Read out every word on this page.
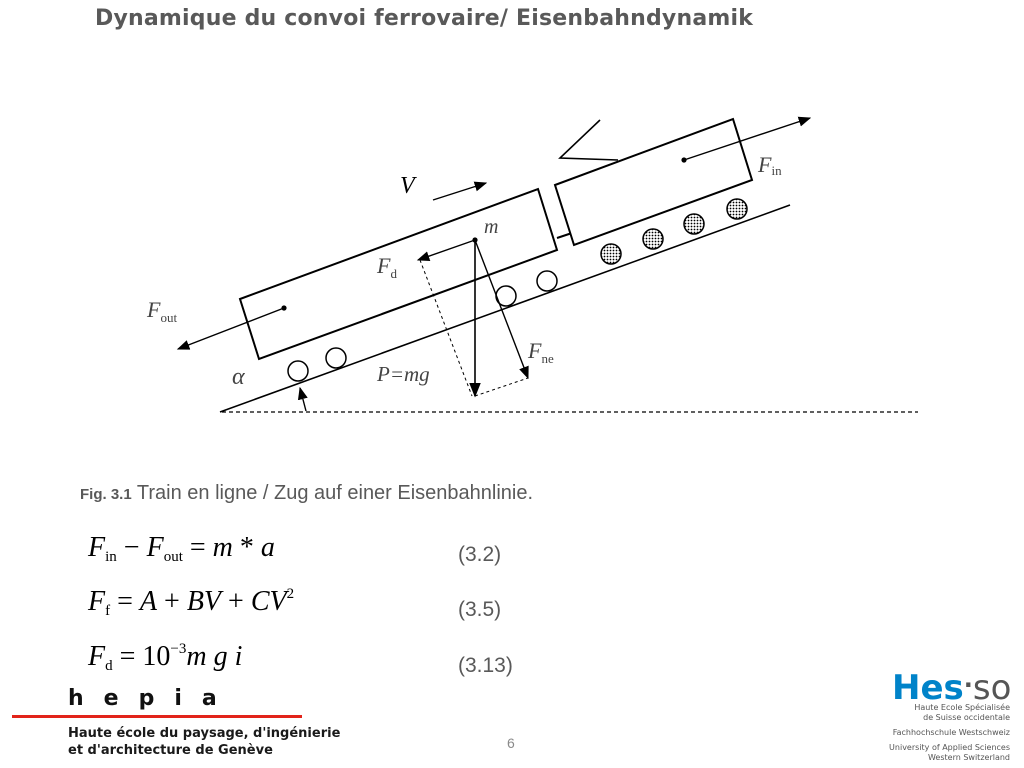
Dynamique du convoi ferrovaire/ Eisenbahndynamik
V
m
Fin
$F_{out}$
$F_d$
$F_{ne}$
α	P=mg
Fig. 3.1 Train en ligne / Zug auf einer Eisenbahnlinie.
$F_{in} - F_{out} = m * a$	(3.2)
$F_f = A$ + BV + $CV^2$
(3.5)
$F_d = 10^{-3}m$ g i	(3.13)
hepia
Haute école du paysage, d'ingénierie
et d'architecture de Genève	6
Hes·so
Haute Ecole Spécialisée
de Suisse occidentale
Fachhochschule Westschweiz
University of Applied Sciences
Western Switzerland
